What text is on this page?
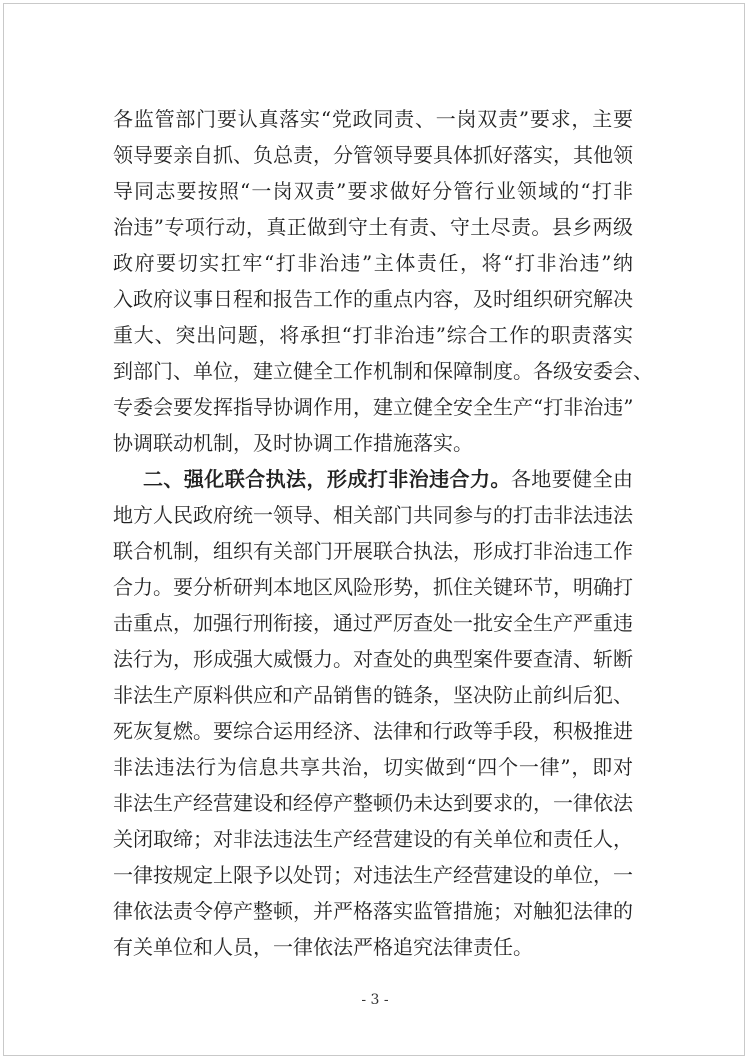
各监管部门要认真落实“党政同责、一岗双责”要求，主要
领导要亲自抓、负总责，分管领导要具体抓好落实，其他领
导同志要按照“一岗双责”要求做好分管行业领域的“打非
治违”专项行动，真正做到守土有责、守土尽责。县乡两级
政府要切实扛牢“打非治违”主体责任，将“打非治违”纳
入政府议事日程和报告工作的重点内容，及时组织研究解决
重大、突出问题，将承担“打非治违”综合工作的职责落实
到部门、单位，建立健全工作机制和保障制度。各级安委会、
专委会要发挥指导协调作用，建立健全安全生产“打非治违”
协调联动机制，及时协调工作措施落实。
二、强化联合执法，形成打非治违合力。各地要健全由
地方人民政府统一领导、相关部门共同参与的打击非法违法
联合机制，组织有关部门开展联合执法，形成打非治违工作
合力。要分析研判本地区风险形势，抓住关键环节，明确打
击重点，加强行刑衔接，通过严厉查处一批安全生产严重违
法行为，形成强大威慑力。对查处的典型案件要查清、斩断
非法生产原料供应和产品销售的链条，坚决防止前纠后犯、
死灰复燃。要综合运用经济、法律和行政等手段，积极推进
非法违法行为信息共享共治，切实做到“四个一律”，即对
非法生产经营建设和经停产整顿仍未达到要求的，一律依法
关闭取缔；对非法违法生产经营建设的有关单位和责任人，
一律按规定上限予以处罚；对违法生产经营建设的单位，一
律依法责令停产整顿，并严格落实监管措施；对触犯法律的
有关单位和人员，一律依法严格追究法律责任。
- 3 -
